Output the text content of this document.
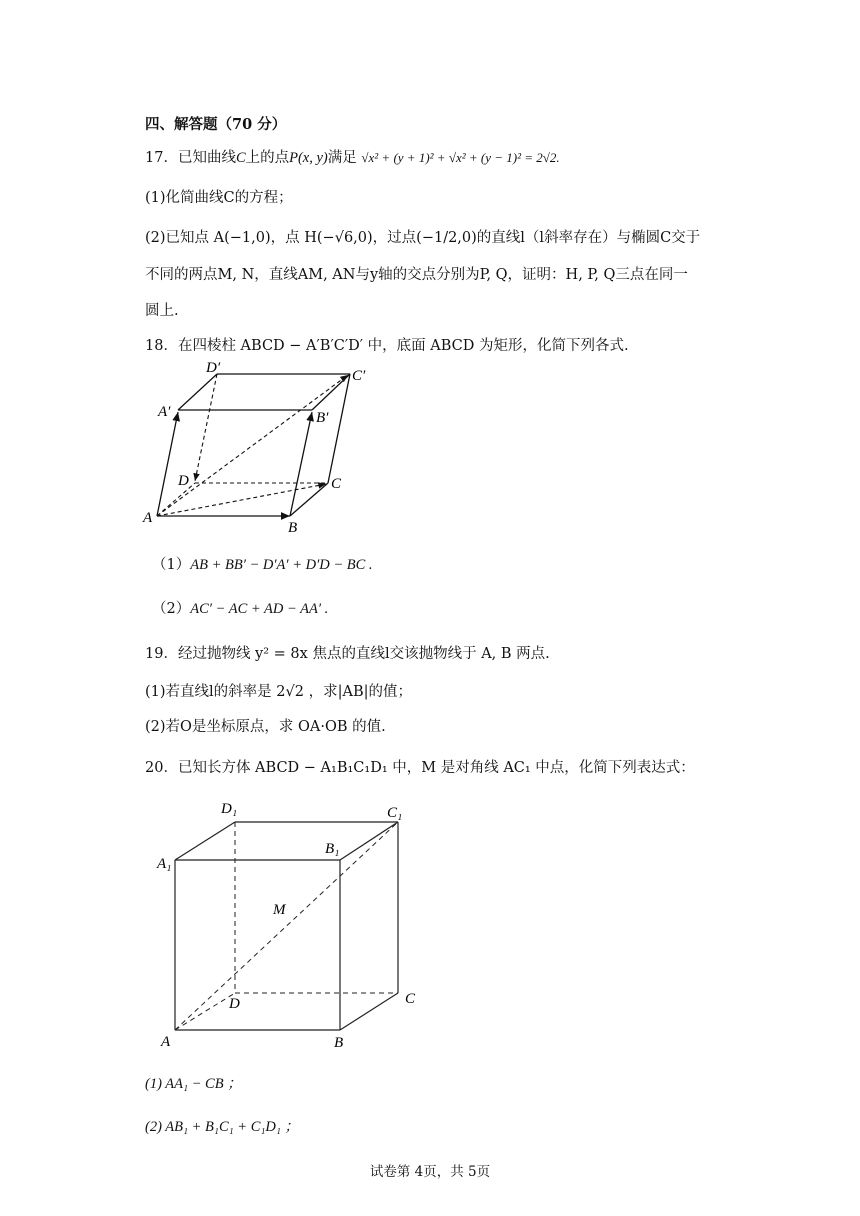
四、解答题（70 分）
17．已知曲线C上的点P(x, y)满足 √x² + (y + 1)² + √x² + (y − 1)² = 2√2.
(1)化简曲线C的方程；
(2)已知点 A(−1,0)，点 H(−√6,0)，过点(−1/2,0)的直线l（l斜率存在）与椭圆C交于
不同的两点M, N，直线AM, AN与y轴的交点分别为P, Q，证明：H, P, Q三点在同一
圆上.
18．在四棱柱 ABCD − A′B′C′D′ 中，底面 ABCD 为矩形，化简下列各式.
A
B
C
D
A′	B′
C′
D′
（1）AB + BB′ − D′A′ + D′D − BC .
（2）AC′ − AC + AD − AA′ .
19．经过抛物线 y² = 8x 焦点的直线l交该抛物线于 A, B 两点.
(1)若直线l的斜率是 2√2 ，求|AB|的值；
(2)若O是坐标原点，求 OA·OB 的值.
20．已知长方体 ABCD − A₁B₁C₁D₁ 中，M 是对角线 AC₁ 中点，化简下列表达式：
A	B
C
D
A₁
B₁
C₁
D₁
M
(1) AA₁ − CB ；
(2) AB₁ + B₁C₁ + C₁D₁ ；
试卷第 4页，共 5页
